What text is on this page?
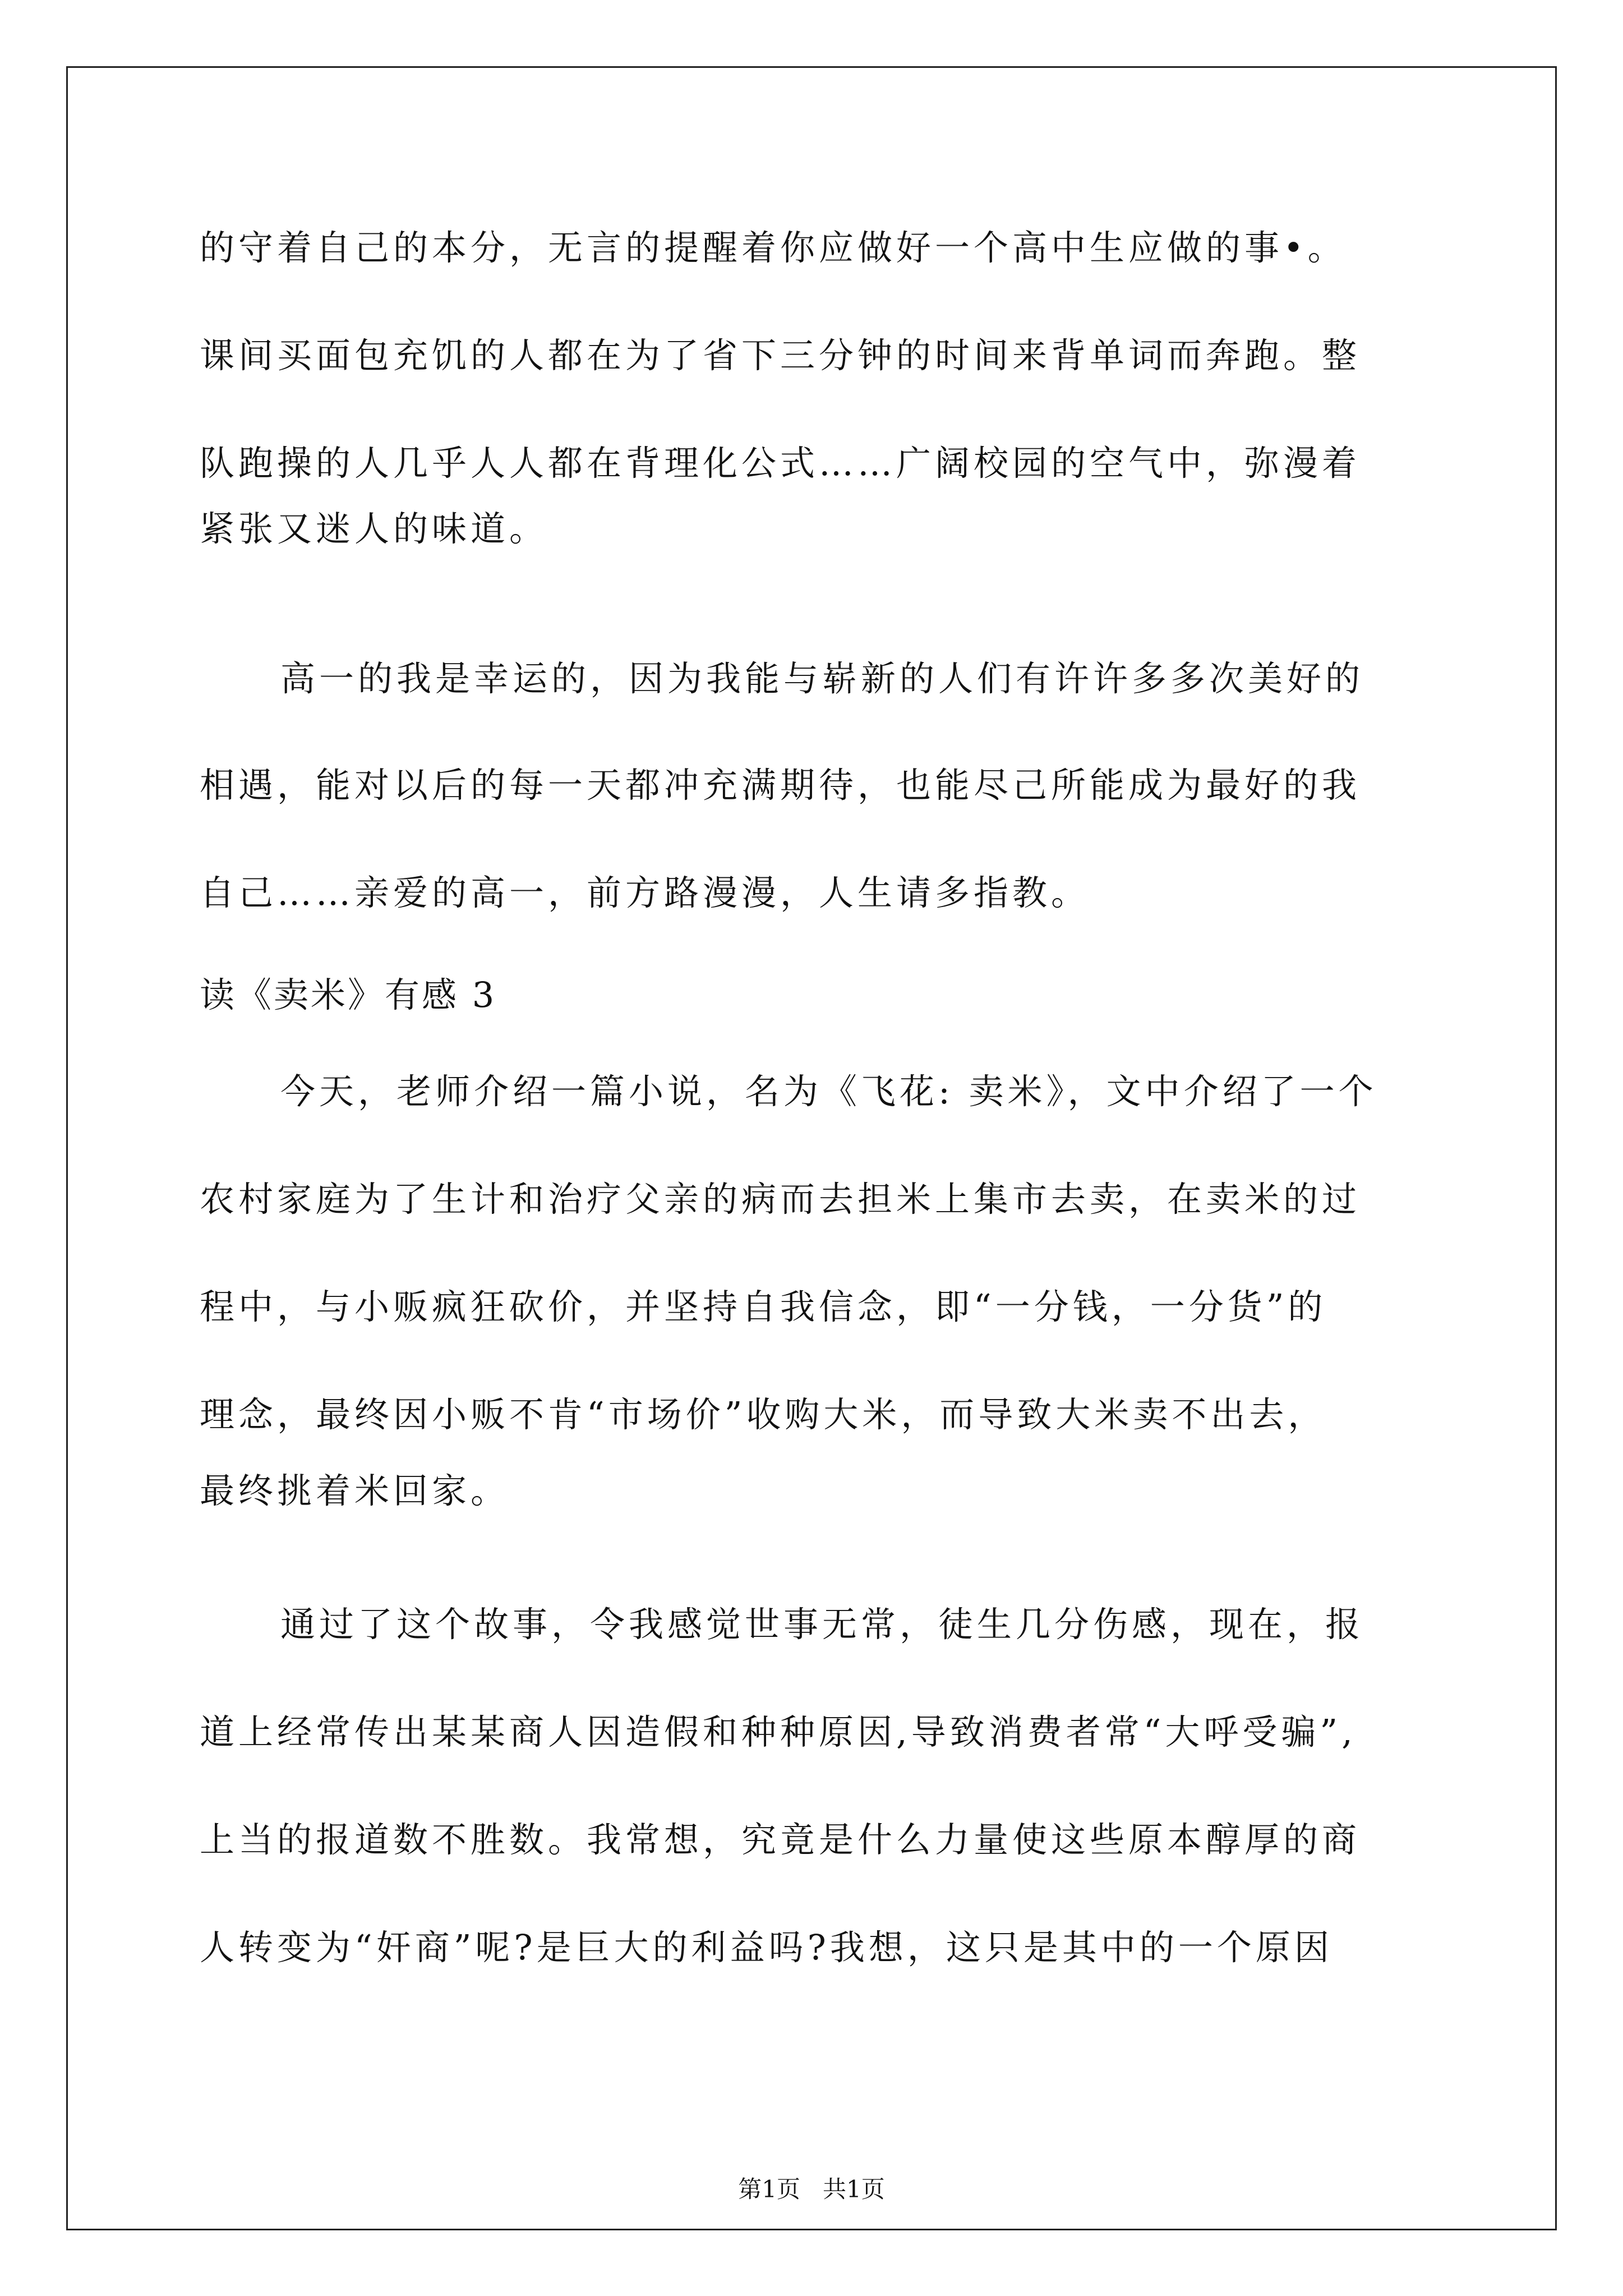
的守着自己的本分，无言的提醒着你应做好一个高中生应做的事•。
课间买面包充饥的人都在为了省下三分钟的时间来背单词而奔跑。整
队跑操的人几乎人人都在背理化公式……广阔校园的空气中，弥漫着
紧张又迷人的味道。
高一的我是幸运的，因为我能与崭新的人们有许许多多次美好的
相遇，能对以后的每一天都冲充满期待，也能尽己所能成为最好的我
自己……亲爱的高一，前方路漫漫，人生请多指教。
读《卖米》有感 3
今天，老师介绍一篇小说，名为《飞花: 卖米》，文中介绍了一个
农村家庭为了生计和治疗父亲的病而去担米上集市去卖，在卖米的过
程中，与小贩疯狂砍价，并坚持自我信念，即“一分钱，一分货”的
理念，最终因小贩不肯“市场价”收购大米，而导致大米卖不出去，
最终挑着米回家。
通过了这个故事，令我感觉世事无常，徒生几分伤感，现在，报
道上经常传出某某商人因造假和种种原因,导致消费者常“大呼受骗”,
上当的报道数不胜数。我常想，究竟是什么力量使这些原本醇厚的商
人转变为“奸商”呢?是巨大的利益吗?我想，这只是其中的一个原因
第1页   共1页
